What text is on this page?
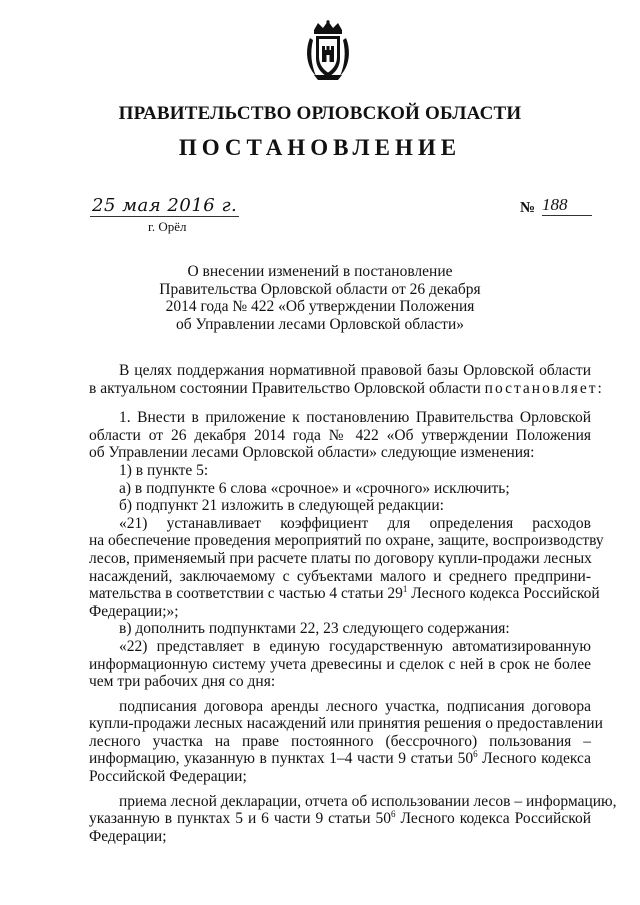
ПРАВИТЕЛЬСТВО ОРЛОВСКОЙ ОБЛАСТИ
ПОСТАНОВЛЕНИЕ
25 мая 2016 г.	№ 188
г. Орёл
О внесении изменений в постановление
Правительства Орловской области от 26 декабря
2014 года № 422 «Об утверждении Положения
об Управлении лесами Орловской области»
В целях поддержания нормативной правовой базы Орловской области
в актуальном состоянии Правительство Орловской области постановляет:
1. Внести в приложение к постановлению Правительства Орловской
области от 26 декабря 2014 года № 422 «Об утверждении Положения
об Управлении лесами Орловской области» следующие изменения:
1) в пункте 5:
а) в подпункте 6 слова «срочное» и «срочного» исключить;
б) подпункт 21 изложить в следующей редакции:
«21) устанавливает коэффициент для определения расходов
на обеспечение проведения мероприятий по охране, защите, воспроизводству
лесов, применяемый при расчете платы по договору купли-продажи лесных
насаждений, заключаемому с субъектами малого и среднего предприни-
мательства в соответствии с частью 4 статьи $29^1$ Лесного кодекса Российской
Федерации;»;
в) дополнить подпунктами 22, 23 следующего содержания:
«22) представляет в единую государственную автоматизированную
информационную систему учета древесины и сделок с ней в срок не более
чем три рабочих дня со дня:
подписания договора аренды лесного участка, подписания договора
купли-продажи лесных насаждений или принятия решения о предоставлении
лесного участка на праве постоянного (бессрочного) пользования –
информацию, указанную в пунктах 1–4 части 9 статьи $50^6$ Лесного кодекса
Российской Федерации;
приема лесной декларации, отчета об использовании лесов – информацию,
указанную в пунктах 5 и 6 части 9 статьи $50^6$ Лесного кодекса Российской
Федерации;
